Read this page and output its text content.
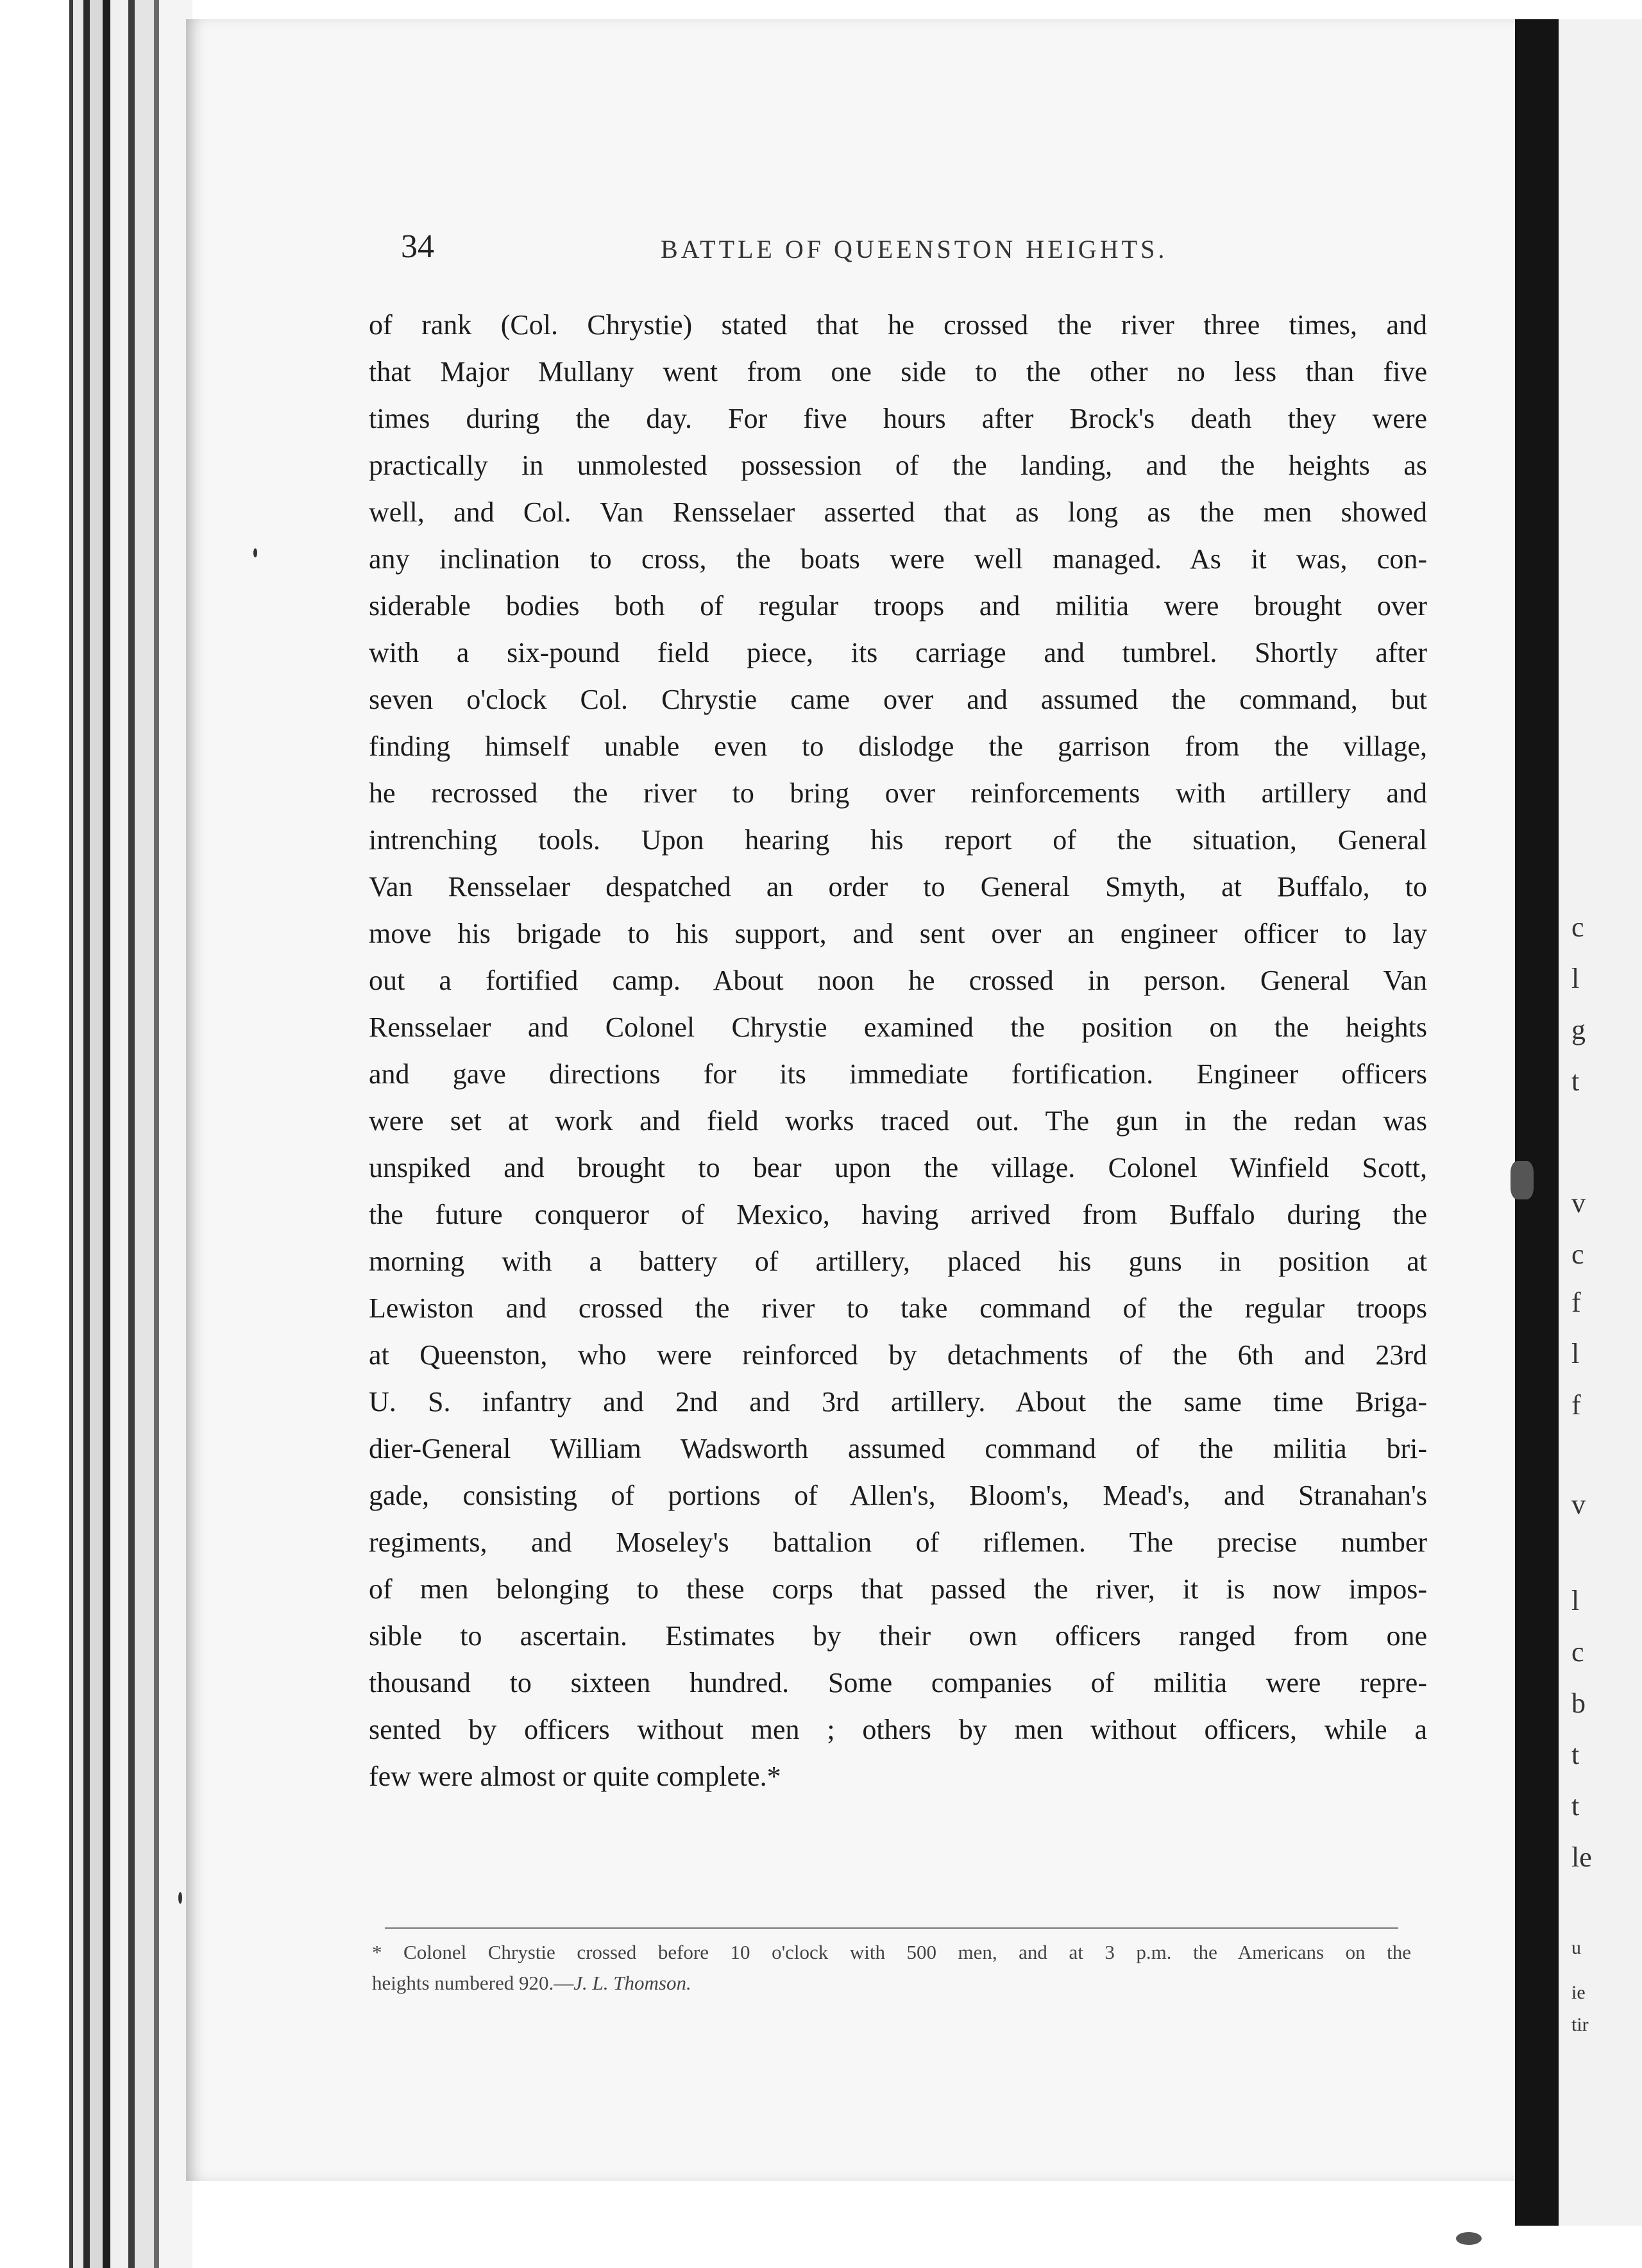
c
l
g
t
v
c
f
l
f
v
l
c
b
t
t
le
u
ie
tir
34	BATTLE OF QUEENSTON HEIGHTS.
of rank (Col. Chrystie) stated that he crossed the river three times, and
that Major Mullany went from one side to the other no less than five
times during the day. For five hours after Brock's death they were
practically in unmolested possession of the landing, and the heights as
well, and Col. Van Rensselaer asserted that as long as the men showed
any inclination to cross, the boats were well managed. As it was, con-
siderable bodies both of regular troops and militia were brought over
with a six-pound field piece, its carriage and tumbrel. Shortly after
seven o'clock Col. Chrystie came over and assumed the command, but
finding himself unable even to dislodge the garrison from the village,
he recrossed the river to bring over reinforcements with artillery and
intrenching tools. Upon hearing his report of the situation, General
Van Rensselaer despatched an order to General Smyth, at Buffalo, to
move his brigade to his support, and sent over an engineer officer to lay
out a fortified camp. About noon he crossed in person. General Van
Rensselaer and Colonel Chrystie examined the position on the heights
and gave directions for its immediate fortification. Engineer officers
were set at work and field works traced out. The gun in the redan was
unspiked and brought to bear upon the village. Colonel Winfield Scott,
the future conqueror of Mexico, having arrived from Buffalo during the
morning with a battery of artillery, placed his guns in position at
Lewiston and crossed the river to take command of the regular troops
at Queenston, who were reinforced by detachments of the 6th and 23rd
U. S. infantry and 2nd and 3rd artillery. About the same time Briga-
dier-General William Wadsworth assumed command of the militia bri-
gade, consisting of portions of Allen's, Bloom's, Mead's, and Stranahan's
regiments, and Moseley's battalion of riflemen. The precise number
of men belonging to these corps that passed the river, it is now impos-
sible to ascertain. Estimates by their own officers ranged from one
thousand to sixteen hundred. Some companies of militia were repre-
sented by officers without men ; others by men without officers, while a
few were almost or quite complete.*
* Colonel Chrystie crossed before 10 o'clock with 500 men, and at 3 p.m. the Americans on the
heights numbered 920.—J. L. Thomson.
